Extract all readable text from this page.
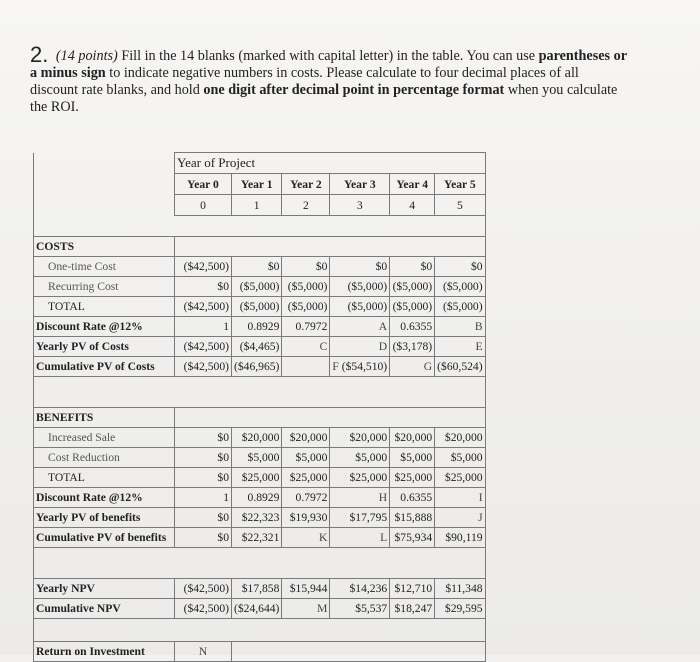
2. (14 points) Fill in the 14 blanks (marked with capital letter) in the table. You can use parentheses or a minus sign to indicate negative numbers in costs. Please calculate to four decimal places of all discount rate blanks, and hold one digit after decimal point in percentage format when you calculate the ROI.

	Year of Project					
	Year 0	Year 1	Year 2	Year 3	Year 4	Year 5
	0	1	2	3	4	5

COSTS						
One-time Cost	($42,500)	$0	$0	$0	$0	$0
Recurring Cost	$0	($5,000)	($5,000)	($5,000)	($5,000)	($5,000)
TOTAL	($42,500)	($5,000)	($5,000)	($5,000)	($5,000)	($5,000)
Discount Rate @12%	1	0.8929	0.7972	A	0.6355	B
Yearly PV of Costs	($42,500)	($4,465)	C	D	($3,178)	E
Cumulative PV of Costs	($42,500)	($46,965)		F ($54,510)	G	($60,524)

BENEFITS						
Increased Sale	$0	$20,000	$20,000	$20,000	$20,000	$20,000
Cost Reduction	$0	$5,000	$5,000	$5,000	$5,000	$5,000
TOTAL	$0	$25,000	$25,000	$25,000	$25,000	$25,000
Discount Rate @12%	1	0.8929	0.7972	H	0.6355	I
Yearly PV of benefits	$0	$22,323	$19,930	$17,795	$15,888	J
Cumulative PV of benefits	$0	$22,321	K	L	$75,934	$90,119

Yearly NPV	($42,500)	$17,858	$15,944	$14,236	$12,710	$11,348
Cumulative NPV	($42,500)	($24,644)	M	$5,537	$18,247	$29,595

Return on Investment	N					
